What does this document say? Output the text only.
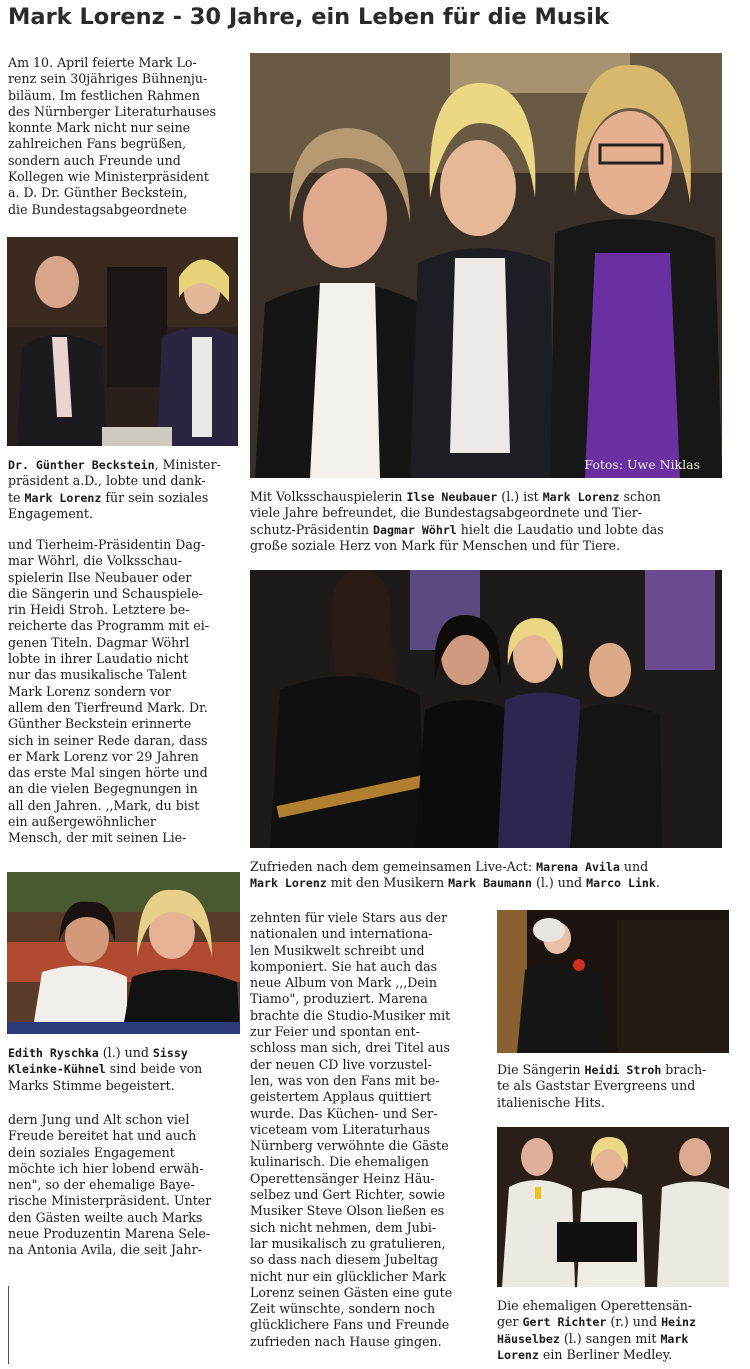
Mark Lorenz - 30 Jahre, ein Leben für die Musik
Am 10. April feierte Mark Lo-
renz sein 30jähriges Bühnenju-
biläum. Im festlichen Rahmen
des Nürnberger Literaturhauses
konnte Mark nicht nur seine
zahlreichen Fans begrüßen,
sondern auch Freunde und
Kollegen wie Ministerpräsident
a. D. Dr. Günther Beckstein,
die Bundestagsabgeordnete
Dr. Günther Beckstein, Minister-
präsident a.D., lobte und dank-
te Mark Lorenz für sein soziales
Engagement.
und Tierheim-Präsidentin Dag-
mar Wöhrl, die Volksschau-
spielerin Ilse Neubauer oder
die Sängerin und Schauspiele-
rin Heidi Stroh. Letztere be-
reicherte das Programm mit ei-
genen Titeln. Dagmar Wöhrl
lobte in ihrer Laudatio nicht
nur das musikalische Talent
Mark Lorenz sondern vor
allem den Tierfreund Mark. Dr.
Günther Beckstein erinnerte
sich in seiner Rede daran, dass
er Mark Lorenz vor 29 Jahren
das erste Mal singen hörte und
an die vielen Begegnungen in
all den Jahren. ,,Mark, du bist
ein außergewöhnlicher
Mensch, der mit seinen Lie-
Edith Ryschka (l.) und Sissy
Kleinke-Kühnel sind beide von
Marks Stimme begeistert.
dern Jung und Alt schon viel
Freude bereitet hat und auch
dein soziales Engagement
möchte ich hier lobend erwäh-
nen", so der ehemalige Baye-
rische Ministerpräsident. Unter
den Gästen weilte auch Marks
neue Produzentin Marena Sele-
na Antonia Avila, die seit Jahr-
Fotos: Uwe Niklas
Mit Volksschauspielerin Ilse Neubauer (l.) ist Mark Lorenz schon
viele Jahre befreundet, die Bundestagsabgeordnete und Tier-
schutz-Präsidentin Dagmar Wöhrl hielt die Laudatio und lobte das
große soziale Herz von Mark für Menschen und für Tiere.
Zufrieden nach dem gemeinsamen Live-Act: Marena Avila und
Mark Lorenz mit den Musikern Mark Baumann (l.) und Marco Link.
zehnten für viele Stars aus der
nationalen und internationa-
len Musikwelt schreibt und
komponiert. Sie hat auch das
neue Album von Mark ,,,Dein
Tiamo", produziert. Marena
brachte die Studio-Musiker mit
zur Feier und spontan ent-
schloss man sich, drei Titel aus
der neuen CD live vorzustel-
len, was von den Fans mit be-
geistertem Applaus quittiert
wurde. Das Küchen- und Ser-
viceteam vom Literaturhaus
Nürnberg verwöhnte die Gäste
kulinarisch. Die ehemaligen
Operettensänger Heinz Häu-
selbez und Gert Richter, sowie
Musiker Steve Olson ließen es
sich nicht nehmen, dem Jubi-
lar musikalisch zu gratulieren,
so dass nach diesem Jubeltag
nicht nur ein glücklicher Mark
Lorenz seinen Gästen eine gute
Zeit wünschte, sondern noch
glücklichere Fans und Freunde
zufrieden nach Hause gingen.
Die Sängerin Heidi Stroh brach-
te als Gaststar Evergreens und
italienische Hits.
Die ehemaligen Operettensän-
ger Gert Richter (r.) und Heinz
Häuselbez (l.) sangen mit Mark
Lorenz ein Berliner Medley.
